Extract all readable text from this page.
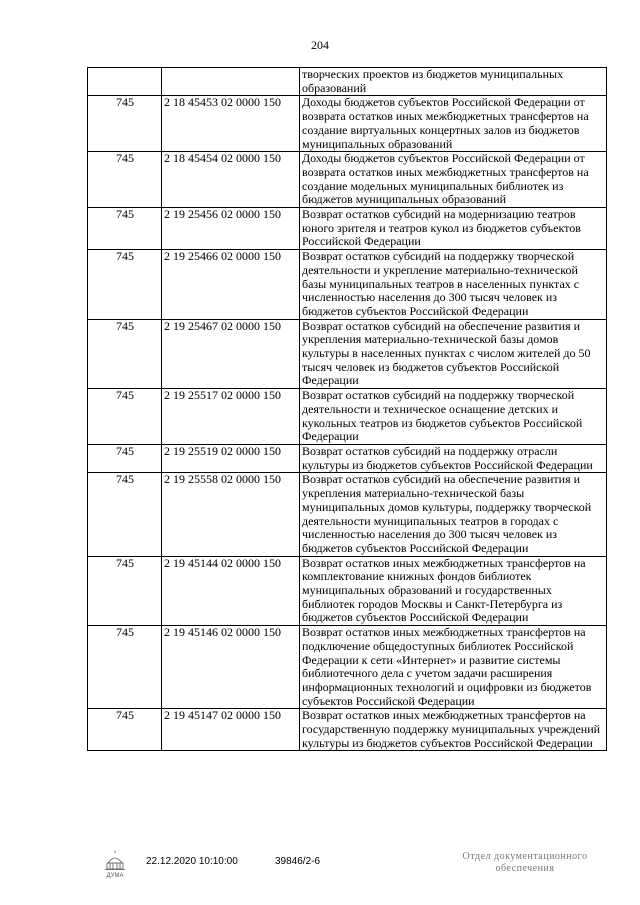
204
		творческих проектов из бюджетов муниципальных образований
745	2 18 45453 02 0000 150	Доходы бюджетов субъектов Российской Федерации от возврата остатков иных межбюджетных трансфертов на создание виртуальных концертных залов из бюджетов муниципальных образований
745	2 18 45454 02 0000 150	Доходы бюджетов субъектов Российской Федерации от возврата остатков иных межбюджетных трансфертов на создание модельных муниципальных библиотек из бюджетов муниципальных образований
745	2 19 25456 02 0000 150	Возврат остатков субсидий на модернизацию театров юного зрителя и театров кукол из бюджетов субъектов Российской Федерации
745	2 19 25466 02 0000 150	Возврат остатков субсидий на поддержку творческой деятельности и укрепление материально-технической базы муниципальных театров в населенных пунктах с численностью населения до 300 тысяч человек из бюджетов субъектов Российской Федерации
745	2 19 25467 02 0000 150	Возврат остатков субсидий на обеспечение развития и укрепления материально-технической базы домов культуры в населенных пунктах с числом жителей до 50 тысяч человек из бюджетов субъектов Российской Федерации
745	2 19 25517 02 0000 150	Возврат остатков субсидий на поддержку творческой деятельности и техническое оснащение детских и кукольных театров из бюджетов субъектов Российской Федерации
745	2 19 25519 02 0000 150	Возврат остатков субсидий на поддержку отрасли культуры из бюджетов субъектов Российской Федерации
745	2 19 25558 02 0000 150	Возврат остатков субсидий на обеспечение развития и укрепления материально-технической базы муниципальных домов культуры, поддержку творческой деятельности муниципальных театров в городах с численностью населения до 300 тысяч человек из бюджетов субъектов Российской Федерации
745	2 19 45144 02 0000 150	Возврат остатков иных межбюджетных трансфертов на комплектование книжных фондов библиотек муниципальных образований и государственных библиотек городов Москвы и Санкт-Петербурга из бюджетов субъектов Российской Федерации
745	2 19 45146 02 0000 150	Возврат остатков иных межбюджетных трансфертов на подключение общедоступных библиотек Российской Федерации к сети «Интернет» и развитие системы библиотечного дела с учетом задачи расширения информационных технологий и оцифровки из бюджетов субъектов Российской Федерации
745	2 19 45147 02 0000 150	Возврат остатков иных межбюджетных трансфертов на государственную поддержку муниципальных учреждений культуры из бюджетов субъектов Российской Федерации
ДУМА
22.12.2020 10:10:00	39846/2-6	Отдел документационного
обеспечения
